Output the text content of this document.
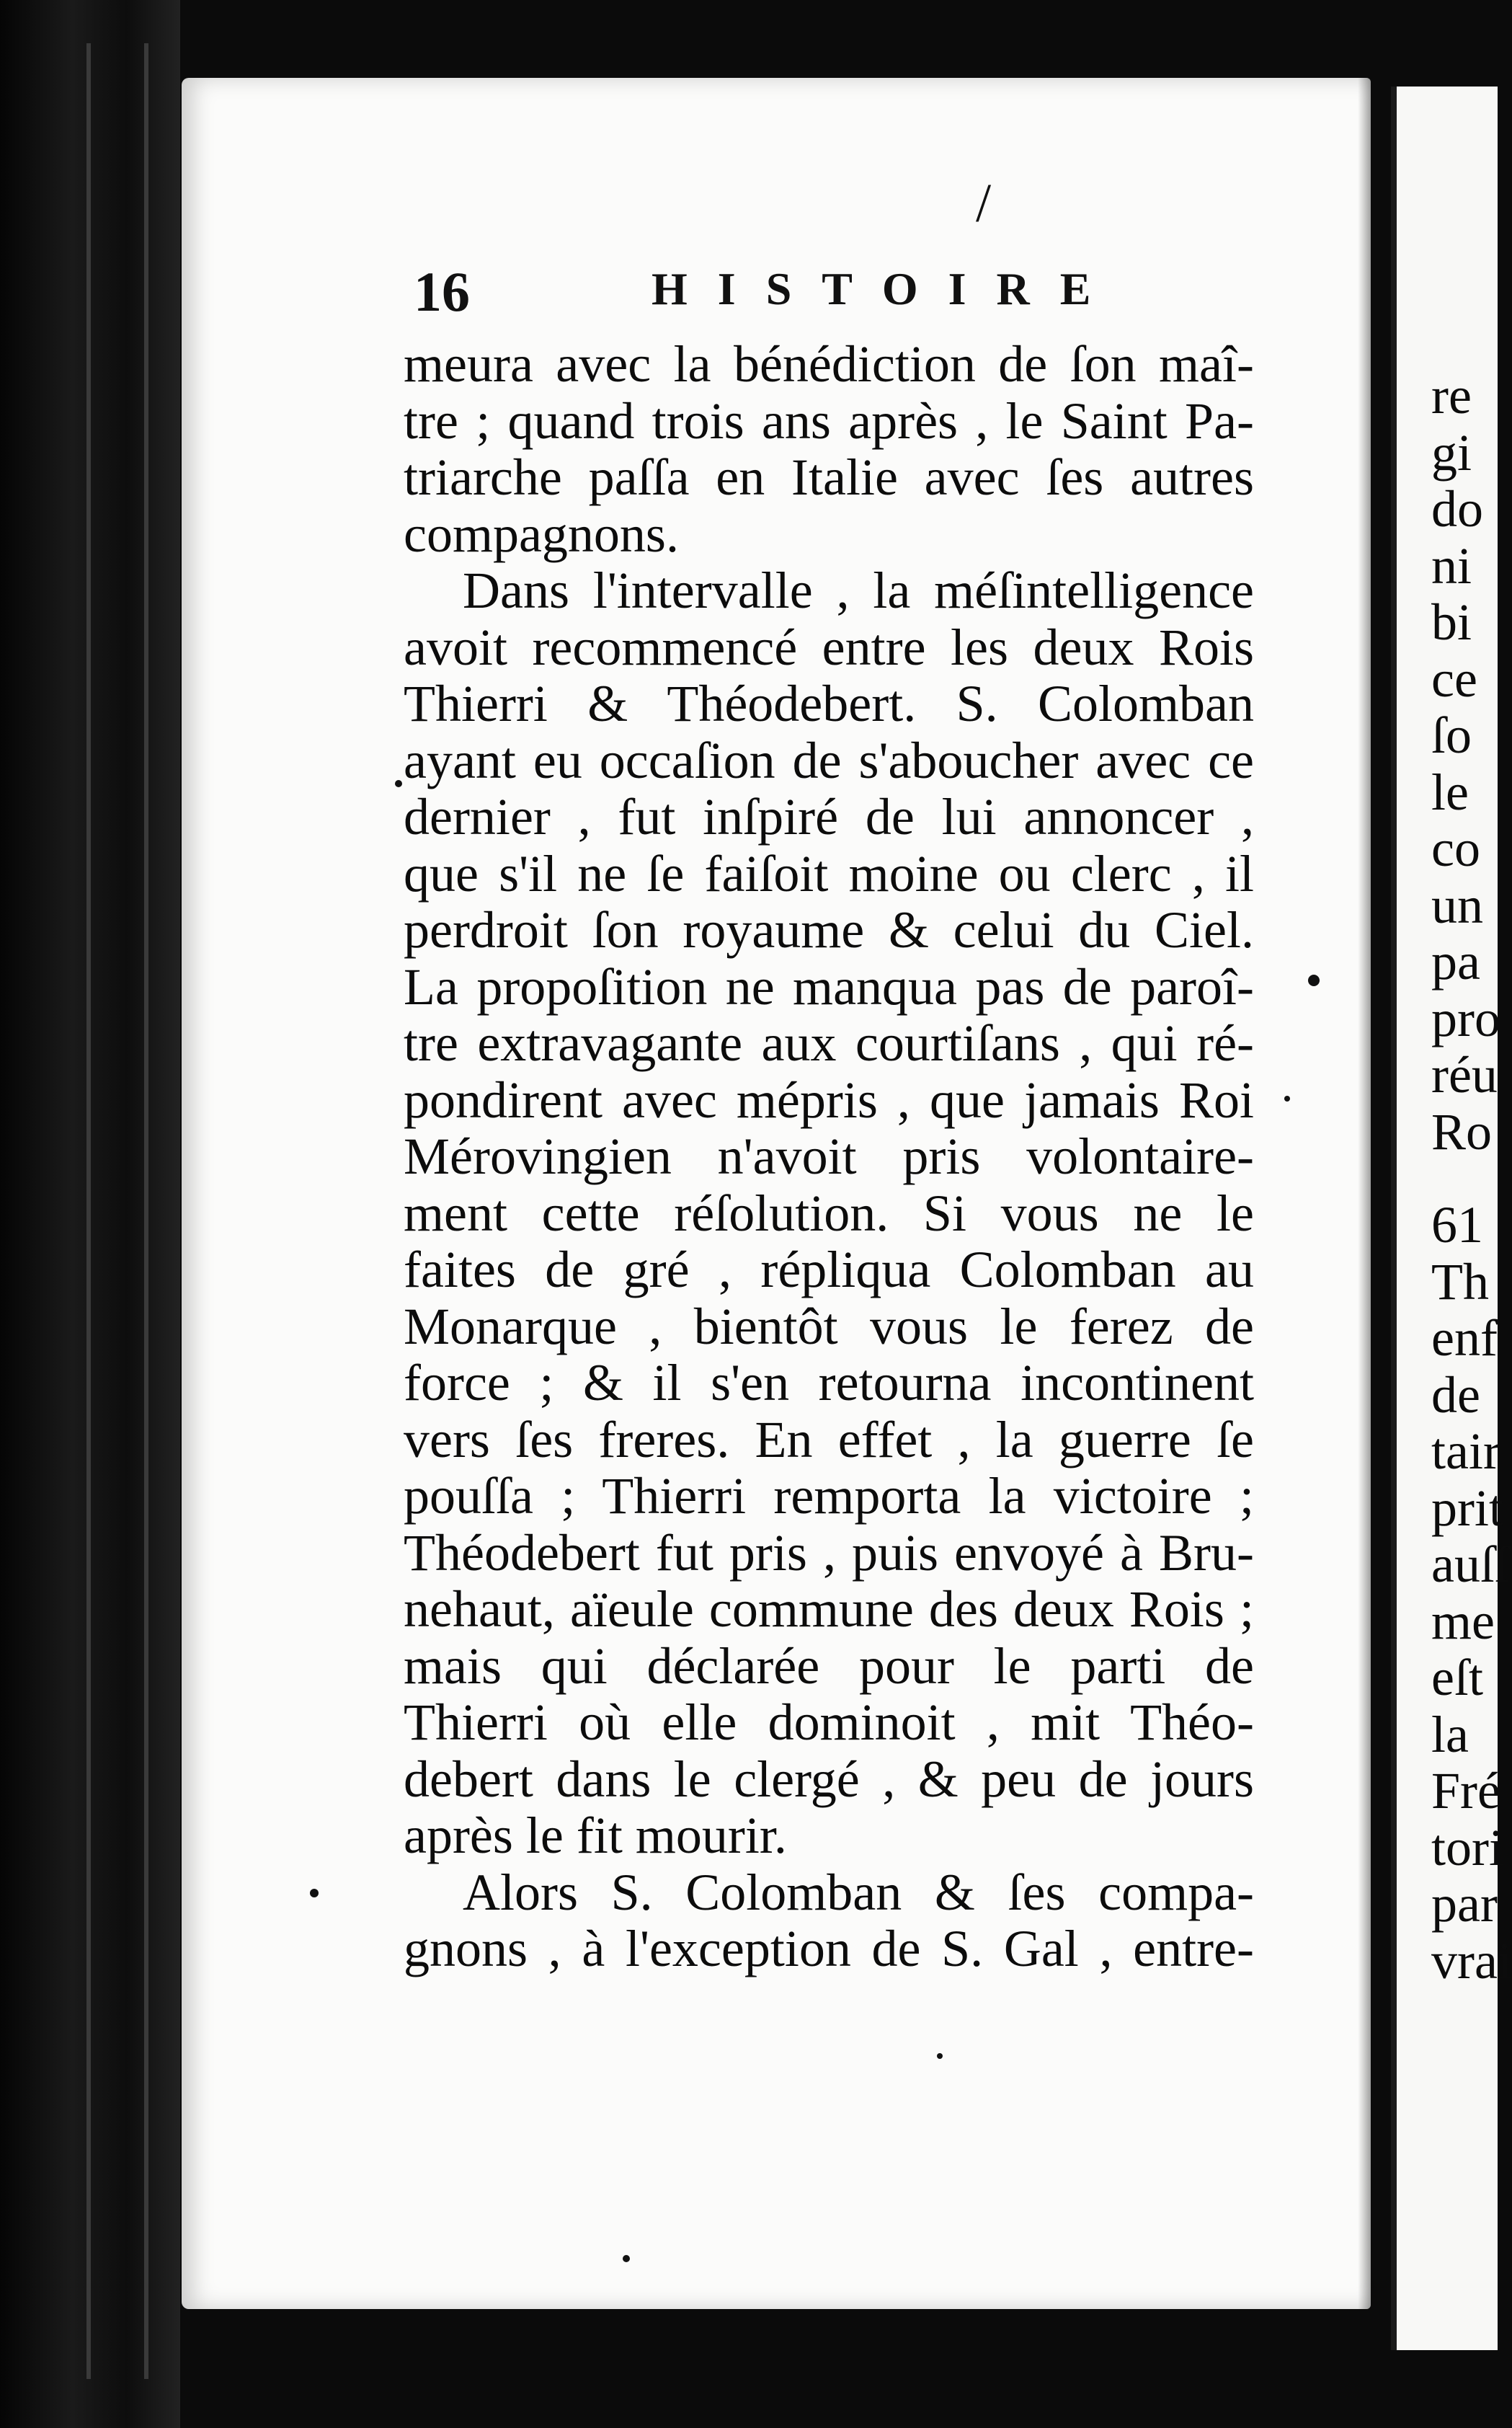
/
16	HISTOIRE
meura avec la bénédiction de ſon maî-
tre ; quand trois ans après , le Saint Pa-
triarche paſſa en Italie avec ſes autres
compagnons.
Dans l'intervalle , la méſintelligence
avoit recommencé entre les deux Rois
Thierri & Théodebert. S. Colomban
ayant eu occaſion de s'aboucher avec ce
dernier , fut inſpiré de lui annoncer ,
que s'il ne ſe faiſoit moine ou clerc , il
perdroit ſon royaume & celui du Ciel.
La propoſition ne manqua pas de paroî-
tre extravagante aux courtiſans , qui ré-
pondirent avec mépris , que jamais Roi
Mérovingien n'avoit pris volontaire-
ment cette réſolution. Si vous ne le
faites de gré , répliqua Colomban au
Monarque , bientôt vous le ferez de
force ; & il s'en retourna incontinent
vers ſes freres. En effet , la guerre ſe
pouſſa ; Thierri remporta la victoire ;
Théodebert fut pris , puis envoyé à Bru-
nehaut, aïeule commune des deux Rois ;
mais qui déclarée pour le parti de
Thierri où elle dominoit , mit Théo-
debert dans le clergé , & peu de jours
après le fit mourir.
Alors S. Colomban & ſes compa-
gnons , à l'exception de S. Gal , entre-
re
gi
do
ni
bi
ce
ſo
le
co
un
pa
pro
réu
Ro
61
Th
enf
de
tair
prit
auſſ
me
eſt
la
Fré
tori
par
vrai
